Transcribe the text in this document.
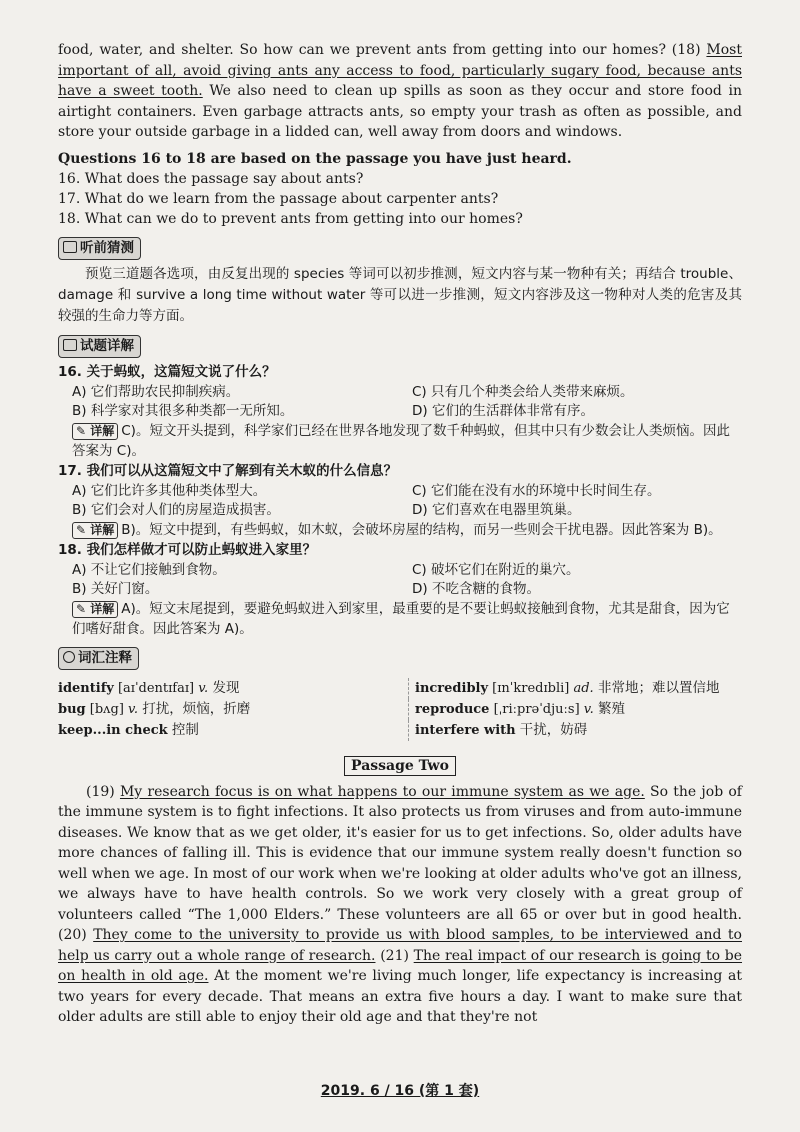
food, water, and shelter. So how can we prevent ants from getting into our homes? (18) Most important of all, avoid giving ants any access to food, particularly sugary food, because ants have a sweet tooth. We also need to clean up spills as soon as they occur and store food in airtight containers. Even garbage attracts ants, so empty your trash as often as possible, and store your outside garbage in a lidded can, well away from doors and windows.

Questions 16 to 18 are based on the passage you have just heard.
16. What does the passage say about ants?
17. What do we learn from the passage about carpenter ants?
18. What can we do to prevent ants from getting into our homes?
听前猜测
预览三道题各选项，由反复出现的 species 等词可以初步推测，短文内容与某一物种有关；再结合 trouble、damage 和 survive a long time without water 等可以进一步推测，短文内容涉及这一物种对人类的危害及其较强的生命力等方面。
试题详解
16. 关于蚂蚁，这篇短文说了什么？
A) 它们帮助农民抑制疾病。	C) 只有几个种类会给人类带来麻烦。
B) 科学家对其很多种类都一无所知。	D) 它们的生活群体非常有序。
✎ 详解 C)。短文开头提到，科学家们已经在世界各地发现了数千种蚂蚁，但其中只有少数会让人类烦恼。因此答案为 C)。
17. 我们可以从这篇短文中了解到有关木蚁的什么信息？
A) 它们比许多其他种类体型大。	C) 它们能在没有水的环境中长时间生存。
B) 它们会对人们的房屋造成损害。	D) 它们喜欢在电器里筑巢。
✎ 详解 B)。短文中提到，有些蚂蚁，如木蚁，会破坏房屋的结构，而另一些则会干扰电器。因此答案为 B)。
18. 我们怎样做才可以防止蚂蚁进入家里？
A) 不让它们接触到食物。	C) 破坏它们在附近的巢穴。
B) 关好门窗。	D) 不吃含糖的食物。
✎ 详解 A)。短文末尾提到，要避免蚂蚁进入到家里，最重要的是不要让蚂蚁接触到食物，尤其是甜食，因为它们嗜好甜食。因此答案为 A)。
词汇注释
identify [aɪˈdentɪfaɪ] v. 发现	incredibly [ɪnˈkredɪbli] ad. 非常地；难以置信地
bug [bʌg] v. 打扰，烦恼，折磨	reproduce [ˌriːprəˈdjuːs] v. 繁殖
keep...in check 控制	interfere with 干扰，妨碍
Passage Two

(19) My research focus is on what happens to our immune system as we age. So the job of the immune system is to fight infections. It also protects us from viruses and from auto-immune diseases. We know that as we get older, it's easier for us to get infections. So, older adults have more chances of falling ill. This is evidence that our immune system really doesn't function so well when we age. In most of our work when we're looking at older adults who've got an illness, we always have to have health controls. So we work very closely with a great group of volunteers called “The 1,000 Elders.” These volunteers are all 65 or over but in good health. (20) They come to the university to provide us with blood samples, to be interviewed and to help us carry out a whole range of research. (21) The real impact of our research is going to be on health in old age. At the moment we're living much longer, life expectancy is increasing at two years for every decade. That means an extra five hours a day. I want to make sure that older adults are still able to enjoy their old age and that they're not

2019. 6 / 16 (第 1 套)
